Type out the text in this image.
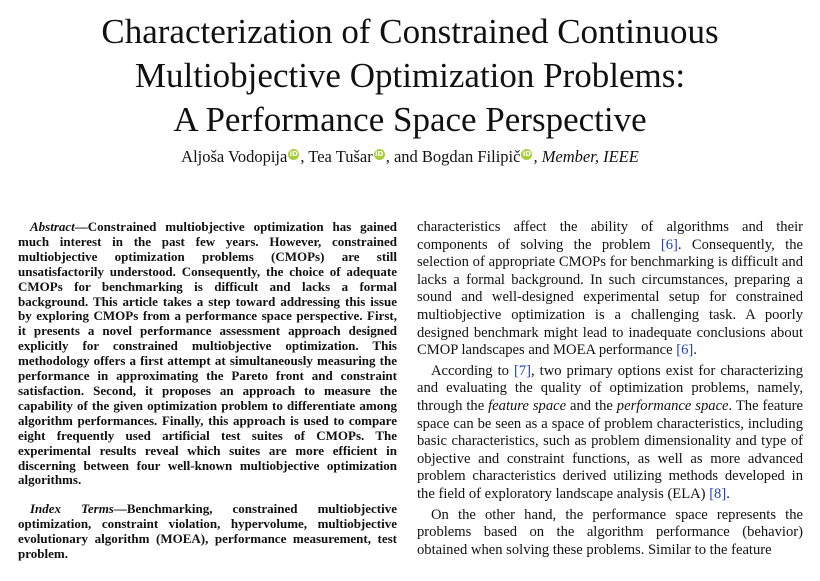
Characterization of Constrained Continuous
Multiobjective Optimization Problems:
A Performance Space Perspective
Aljoša Vodopija iD , Tea Tušar iD , and Bogdan Filipič iD , Member, IEEE

Abstract—Constrained multiobjective optimization has gained much interest in the past few years. However, constrained multiobjective optimization problems (CMOPs) are still unsatisfactorily understood. Consequently, the choice of adequate CMOPs for benchmarking is difficult and lacks a formal background. This article takes a step toward addressing this issue by exploring CMOPs from a performance space perspective. First, it presents a novel performance assessment approach designed explicitly for constrained multiobjective optimization. This methodology offers a first attempt at simultaneously measuring the performance in approximating the Pareto front and constraint satisfaction. Second, it proposes an approach to measure the capability of the given optimization problem to differentiate among algorithm performances. Finally, this approach is used to compare eight frequently used artificial test suites of CMOPs. The experimental results reveal which suites are more efficient in discerning between four well-known multiobjective optimization algorithms.

Index Terms—Benchmarking, constrained multiobjective optimization, constraint violation, hypervolume, multiobjective evolutionary algorithm (MOEA), performance measurement, test problem.

characteristics affect the ability of algorithms and their components of solving the problem [6]. Consequently, the selection of appropriate CMOPs for benchmarking is difficult and lacks a formal background. In such circumstances, preparing a sound and well-designed experimental setup for constrained multiobjective optimization is a challenging task. A poorly designed benchmark might lead to inadequate conclusions about CMOP landscapes and MOEA performance [6].

According to [7], two primary options exist for characterizing and evaluating the quality of optimization problems, namely, through the feature space and the performance space. The feature space can be seen as a space of problem characteristics, including basic characteristics, such as problem dimensionality and type of objective and constraint functions, as well as more advanced problem characteristics derived utilizing methods developed in the field of exploratory landscape analysis (ELA) [8].

On the other hand, the performance space represents the problems based on the algorithm performance (behavior) obtained when solving these problems. Similar to the feature
